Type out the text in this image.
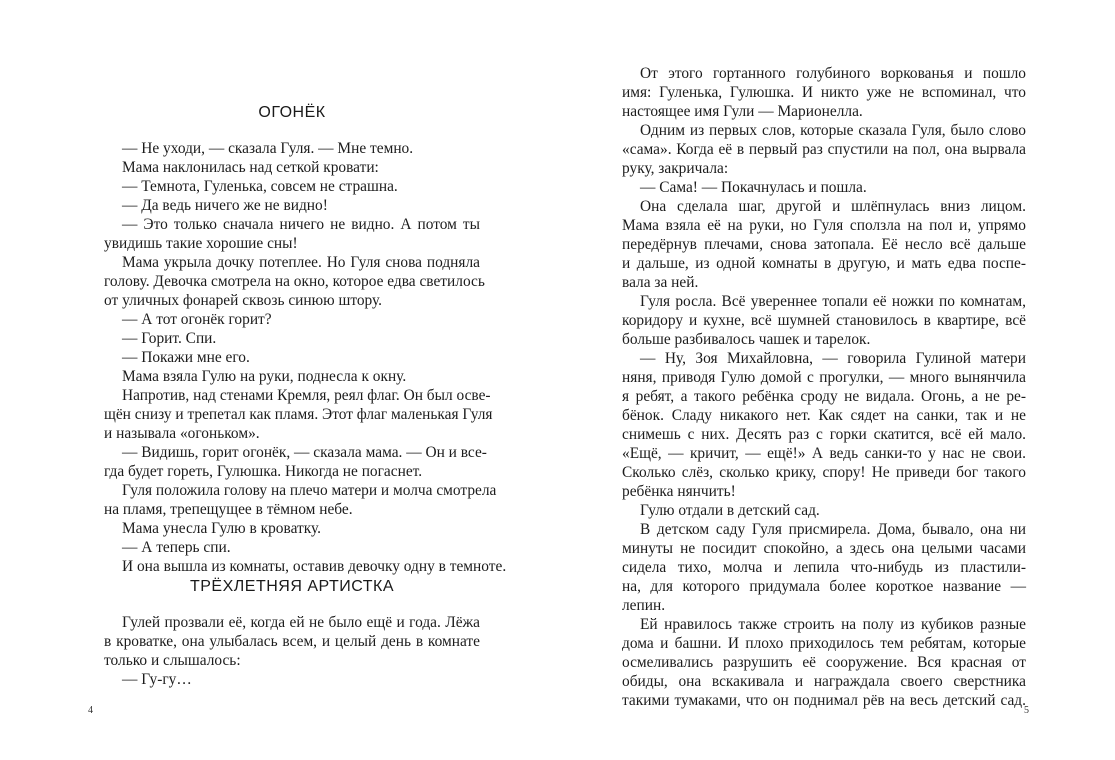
ОГОНЁК
— Не уходи, — сказала Гуля. — Мне темно.
Мама наклонилась над сеткой кровати:
— Темнота, Гуленька, совсем не страшна.
— Да ведь ничего же не видно!
— Это только сначала ничего не видно. А потом ты
увидишь такие хорошие сны!
Мама укрыла дочку потеплее. Но Гуля снова подняла
голову. Девочка смотрела на окно, которое едва светилось
от уличных фонарей сквозь синюю штору.
— А тот огонёк горит?
— Горит. Спи.
— Покажи мне его.
Мама взяла Гулю на руки, поднесла к окну.
Напротив, над стенами Кремля, реял флаг. Он был осве-
щён снизу и трепетал как пламя. Этот флаг маленькая Гуля
и называла «огоньком».
— Видишь, горит огонёк, — сказала мама. — Он и все-
гда будет гореть, Гулюшка. Никогда не погаснет.
Гуля положила голову на плечо матери и молча смотрела
на пламя, трепещущее в тёмном небе.
Мама унесла Гулю в кроватку.
— А теперь спи.
И она вышла из комнаты, оставив девочку одну в темноте.
ТРЁХЛЕТНЯЯ АРТИСТКА
Гулей прозвали её, когда ей не было ещё и года. Лёжа
в кроватке, она улыбалась всем, и целый день в комнате
только и слышалось:
— Гу-гу…
4
От этого гортанного голубиного воркованья и пошло
имя: Гуленька, Гулюшка. И никто уже не вспоминал, что
настоящее имя Гули — Марионелла.
Одним из первых слов, которые сказала Гуля, было слово
«сама». Когда её в первый раз спустили на пол, она вырвала
руку, закричала:
— Сама! — Покачнулась и пошла.
Она сделала шаг, другой и шлёпнулась вниз лицом.
Мама взяла её на руки, но Гуля сползла на пол и, упрямо
передёрнув плечами, снова затопала. Её несло всё дальше
и дальше, из одной комнаты в другую, и мать едва поспе-
вала за ней.
Гуля росла. Всё увереннее топали её ножки по комнатам,
коридору и кухне, всё шумней становилось в квартире, всё
больше разбивалось чашек и тарелок.
— Ну, Зоя Михайловна, — говорила Гулиной матери
няня, приводя Гулю домой с прогулки, — много вынянчила
я ребят, а такого ребёнка сроду не видала. Огонь, а не ре-
бёнок. Сладу никакого нет. Как сядет на санки, так и не
снимешь с них. Десять раз с горки скатится, всё ей мало.
«Ещё, — кричит, — ещё!» А ведь санки-то у нас не свои.
Сколько слёз, сколько крику, спору! Не приведи бог такого
ребёнка нянчить!
Гулю отдали в детский сад.
В детском саду Гуля присмирела. Дома, бывало, она ни
минуты не посидит спокойно, а здесь она целыми часами
сидела тихо, молча и лепила что-нибудь из пластили-
на, для которого придумала более короткое название —
лепин.
Ей нравилось также строить на полу из кубиков разные
дома и башни. И плохо приходилось тем ребятам, которые
осмеливались разрушить её сооружение. Вся красная от
обиды, она вскакивала и награждала своего сверстника
такими тумаками, что он поднимал рёв на весь детский сад.
5
